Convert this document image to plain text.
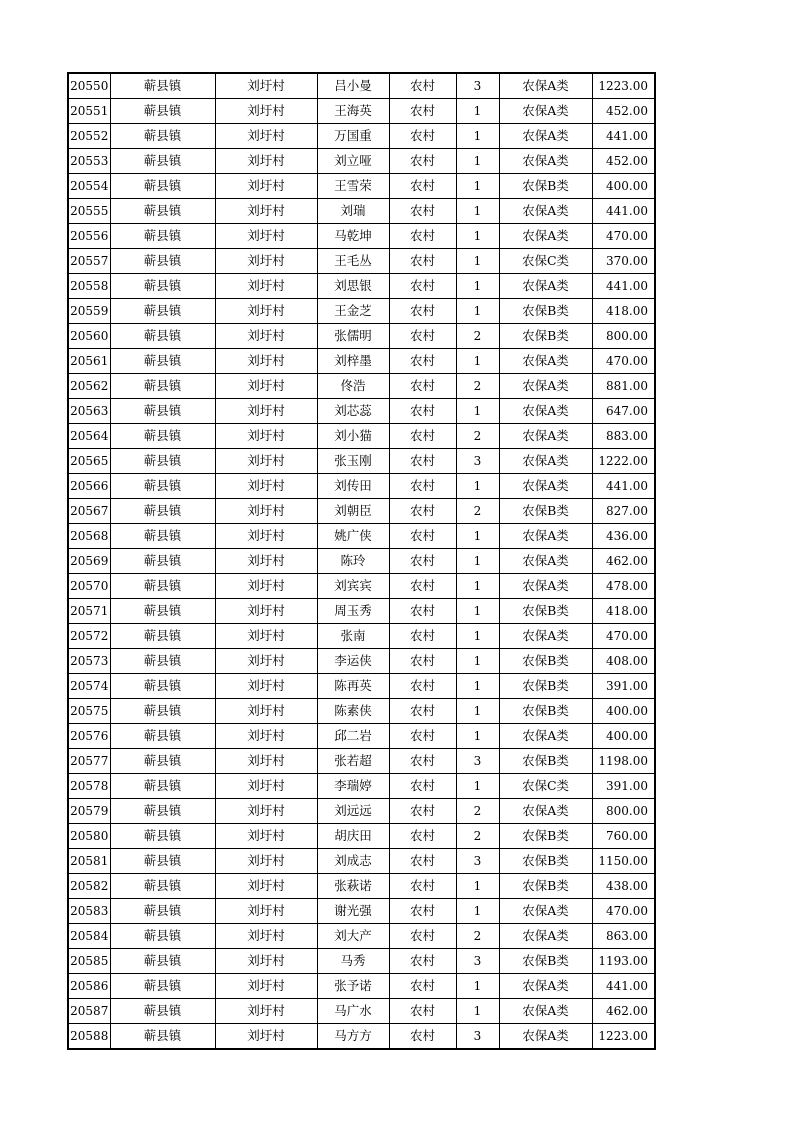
20550	蕲县镇	刘圩村	吕小曼	农村	3	农保A类	1223.00
20551	蕲县镇	刘圩村	王海英	农村	1	农保A类	452.00
20552	蕲县镇	刘圩村	万国重	农村	1	农保A类	441.00
20553	蕲县镇	刘圩村	刘立哑	农村	1	农保A类	452.00
20554	蕲县镇	刘圩村	王雪荣	农村	1	农保B类	400.00
20555	蕲县镇	刘圩村	刘瑞	农村	1	农保A类	441.00
20556	蕲县镇	刘圩村	马乾坤	农村	1	农保A类	470.00
20557	蕲县镇	刘圩村	王毛丛	农村	1	农保C类	370.00
20558	蕲县镇	刘圩村	刘思银	农村	1	农保A类	441.00
20559	蕲县镇	刘圩村	王金芝	农村	1	农保B类	418.00
20560	蕲县镇	刘圩村	张儒明	农村	2	农保B类	800.00
20561	蕲县镇	刘圩村	刘梓墨	农村	1	农保A类	470.00
20562	蕲县镇	刘圩村	佟浩	农村	2	农保A类	881.00
20563	蕲县镇	刘圩村	刘芯蕊	农村	1	农保A类	647.00
20564	蕲县镇	刘圩村	刘小猫	农村	2	农保A类	883.00
20565	蕲县镇	刘圩村	张玉刚	农村	3	农保A类	1222.00
20566	蕲县镇	刘圩村	刘传田	农村	1	农保A类	441.00
20567	蕲县镇	刘圩村	刘朝臣	农村	2	农保B类	827.00
20568	蕲县镇	刘圩村	姚广侠	农村	1	农保A类	436.00
20569	蕲县镇	刘圩村	陈玲	农村	1	农保A类	462.00
20570	蕲县镇	刘圩村	刘宾宾	农村	1	农保A类	478.00
20571	蕲县镇	刘圩村	周玉秀	农村	1	农保B类	418.00
20572	蕲县镇	刘圩村	张南	农村	1	农保A类	470.00
20573	蕲县镇	刘圩村	李运侠	农村	1	农保B类	408.00
20574	蕲县镇	刘圩村	陈再英	农村	1	农保B类	391.00
20575	蕲县镇	刘圩村	陈素侠	农村	1	农保B类	400.00
20576	蕲县镇	刘圩村	邱二岩	农村	1	农保A类	400.00
20577	蕲县镇	刘圩村	张若超	农村	3	农保B类	1198.00
20578	蕲县镇	刘圩村	李瑞婷	农村	1	农保C类	391.00
20579	蕲县镇	刘圩村	刘远远	农村	2	农保A类	800.00
20580	蕲县镇	刘圩村	胡庆田	农村	2	农保B类	760.00
20581	蕲县镇	刘圩村	刘成志	农村	3	农保B类	1150.00
20582	蕲县镇	刘圩村	张萩诺	农村	1	农保B类	438.00
20583	蕲县镇	刘圩村	谢光强	农村	1	农保A类	470.00
20584	蕲县镇	刘圩村	刘大产	农村	2	农保A类	863.00
20585	蕲县镇	刘圩村	马秀	农村	3	农保B类	1193.00
20586	蕲县镇	刘圩村	张予诺	农村	1	农保A类	441.00
20587	蕲县镇	刘圩村	马广水	农村	1	农保A类	462.00
20588	蕲县镇	刘圩村	马方方	农村	3	农保A类	1223.00
